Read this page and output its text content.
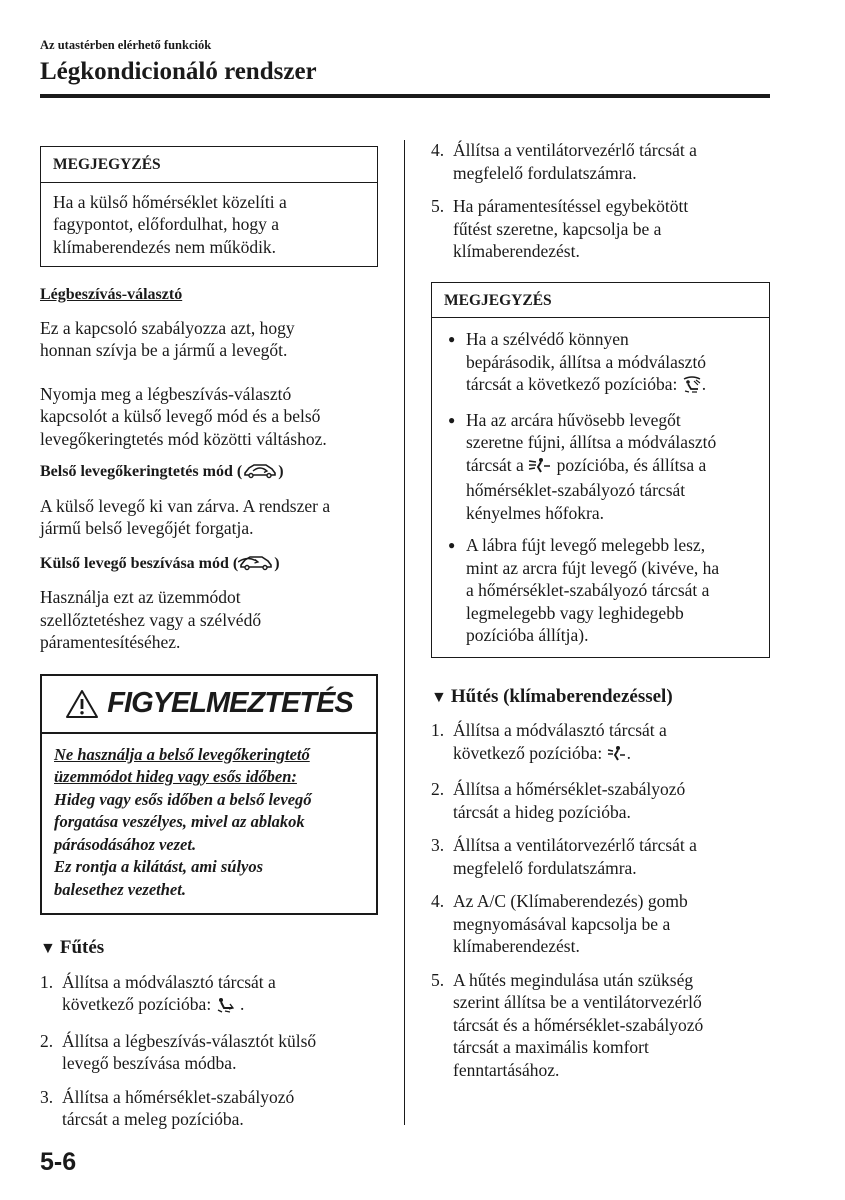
Az utastérben elérhető funkciók
Légkondicionáló rendszer
MEGJEGYZÉS
Ha a külső hőmérséklet közelíti a
fagypontot, előfordulhat, hogy a
klímaberendezés nem működik.
Légbeszívás-választó
Ez a kapcsoló szabályozza azt, hogy
honnan szívja be a jármű a levegőt.
Nyomja meg a légbeszívás-választó
kapcsolót a külső levegő mód és a belső
levegőkeringtetés mód közötti váltáshoz.
Belső levegőkeringtetés mód ( )
A külső levegő ki van zárva. A rendszer a
jármű belső levegőjét forgatja.
Külső levegő beszívása mód ( )
Használja ezt az üzemmódot
szellőztetéshez vagy a szélvédő
páramentesítéséhez.
FIGYELMEZTETÉS
Ne használja a belső levegőkeringtető
üzemmódot hideg vagy esős időben:
Hideg vagy esős időben a belső levegő
forgatása veszélyes, mivel az ablakok
párásodásához vezet.
Ez rontja a kilátást, ami súlyos
balesethez vezethet.
▼ Fűtés
1. Állítsa a módválasztó tárcsát a
következő pozícióba:  .
2. Állítsa a légbeszívás-választót külső
levegő beszívása módba.
3. Állítsa a hőmérséklet-szabályozó
tárcsát a meleg pozícióba.
4. Állítsa a ventilátorvezérlő tárcsát a
megfelelő fordulatszámra.
5. Ha páramentesítéssel egybekötött
fűtést szeretne, kapcsolja be a
klímaberendezést.
MEGJEGYZÉS
● Ha a szélvédő könnyen
bepárásodik, állítsa a módválasztó
tárcsát a következő pozícióba: .
● Ha az arcára hűvösebb levegőt
szeretne fújni, állítsa a módválasztó
tárcsát a  pozícióba, és állítsa a
hőmérséklet-szabályozó tárcsát
kényelmes hőfokra.
● A lábra fújt levegő melegebb lesz,
mint az arcra fújt levegő (kivéve, ha
a hőmérséklet-szabályozó tárcsát a
legmelegebb vagy leghidegebb
pozícióba állítja).
▼ Hűtés (klímaberendezéssel)
1. Állítsa a módválasztó tárcsát a
következő pozícióba: .
2. Állítsa a hőmérséklet-szabályozó
tárcsát a hideg pozícióba.
3. Állítsa a ventilátorvezérlő tárcsát a
megfelelő fordulatszámra.
4. Az A/C (Klímaberendezés) gomb
megnyomásával kapcsolja be a
klímaberendezést.
5. A hűtés megindulása után szükség
szerint állítsa be a ventilátorvezérlő
tárcsát és a hőmérséklet-szabályozó
tárcsát a maximális komfort
fenntartásához.
5-6
